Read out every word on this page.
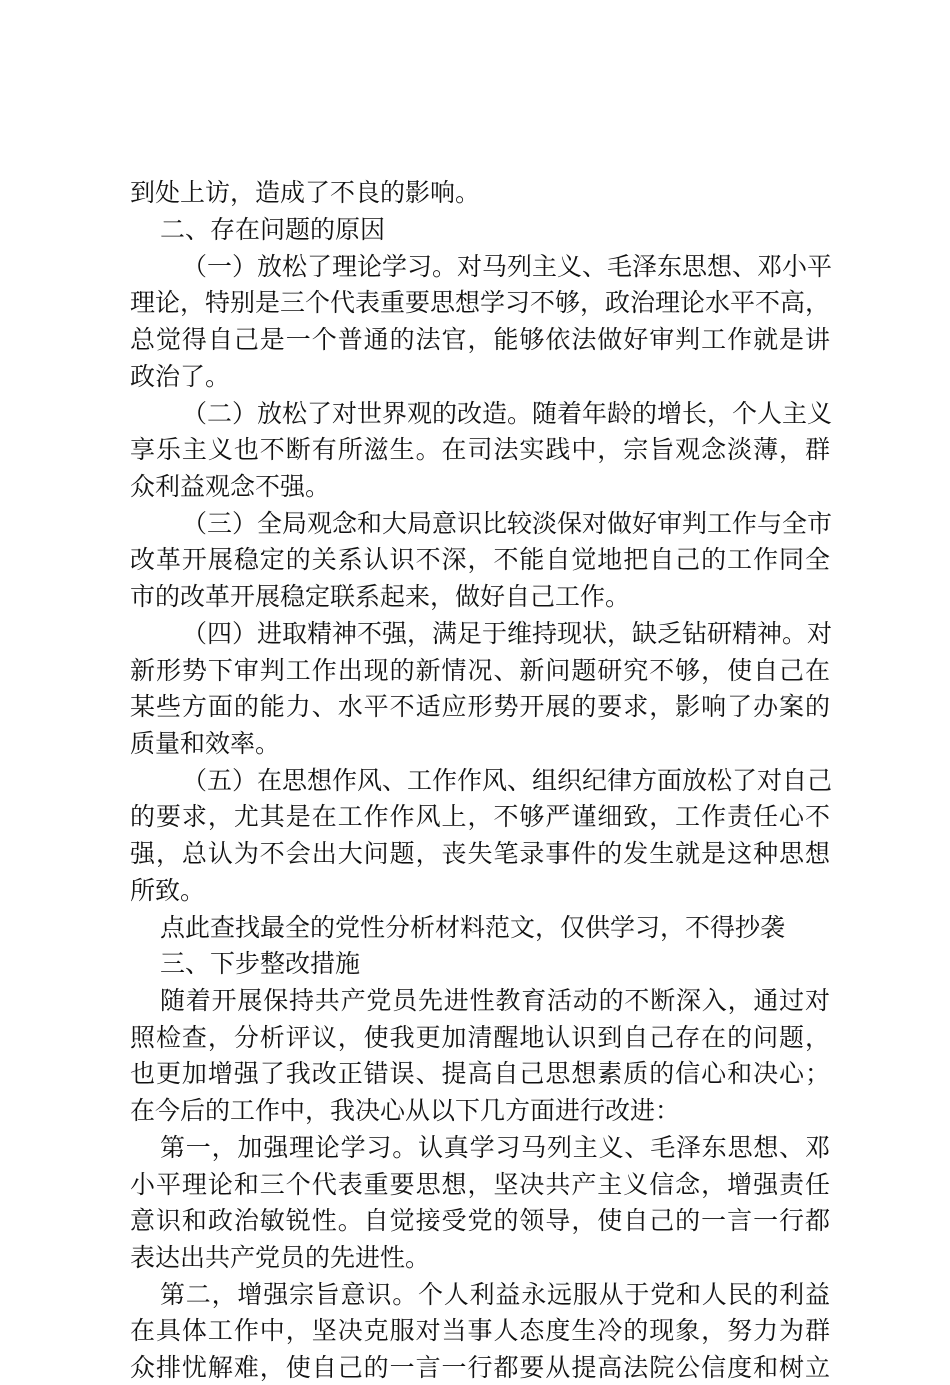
到处上访，造成了不良的影响。
二、存在问题的原因
（一）放松了理论学习。对马列主义、毛泽东思想、邓小平
理论，特别是三个代表重要思想学习不够，政治理论水平不高，
总觉得自己是一个普通的法官，能够依法做好审判工作就是讲
政治了。
（二）放松了对世界观的改造。随着年龄的增长，个人主义
享乐主义也不断有所滋生。在司法实践中，宗旨观念淡薄，群
众利益观念不强。
（三）全局观念和大局意识比较淡保对做好审判工作与全市
改革开展稳定的关系认识不深，不能自觉地把自己的工作同全
市的改革开展稳定联系起来，做好自己工作。
（四）进取精神不强，满足于维持现状，缺乏钻研精神。对
新形势下审判工作出现的新情况、新问题研究不够，使自己在
某些方面的能力、水平不适应形势开展的要求，影响了办案的
质量和效率。
（五）在思想作风、工作作风、组织纪律方面放松了对自己
的要求，尤其是在工作作风上，不够严谨细致，工作责任心不
强，总认为不会出大问题，丧失笔录事件的发生就是这种思想
所致。
点此查找最全的党性分析材料范文，仅供学习，不得抄袭
三、下步整改措施
随着开展保持共产党员先进性教育活动的不断深入，通过对
照检查，分析评议，使我更加清醒地认识到自己存在的问题，
也更加增强了我改正错误、提高自己思想素质的信心和决心；
在今后的工作中，我决心从以下几方面进行改进：
第一，加强理论学习。认真学习马列主义、毛泽东思想、邓
小平理论和三个代表重要思想，坚决共产主义信念，增强责任
意识和政治敏锐性。自觉接受党的领导，使自己的一言一行都
表达出共产党员的先进性。
第二，增强宗旨意识。个人利益永远服从于党和人民的利益
在具体工作中，坚决克服对当事人态度生冷的现象，努力为群
众排忧解难，使自己的一言一行都要从提高法院公信度和树立
